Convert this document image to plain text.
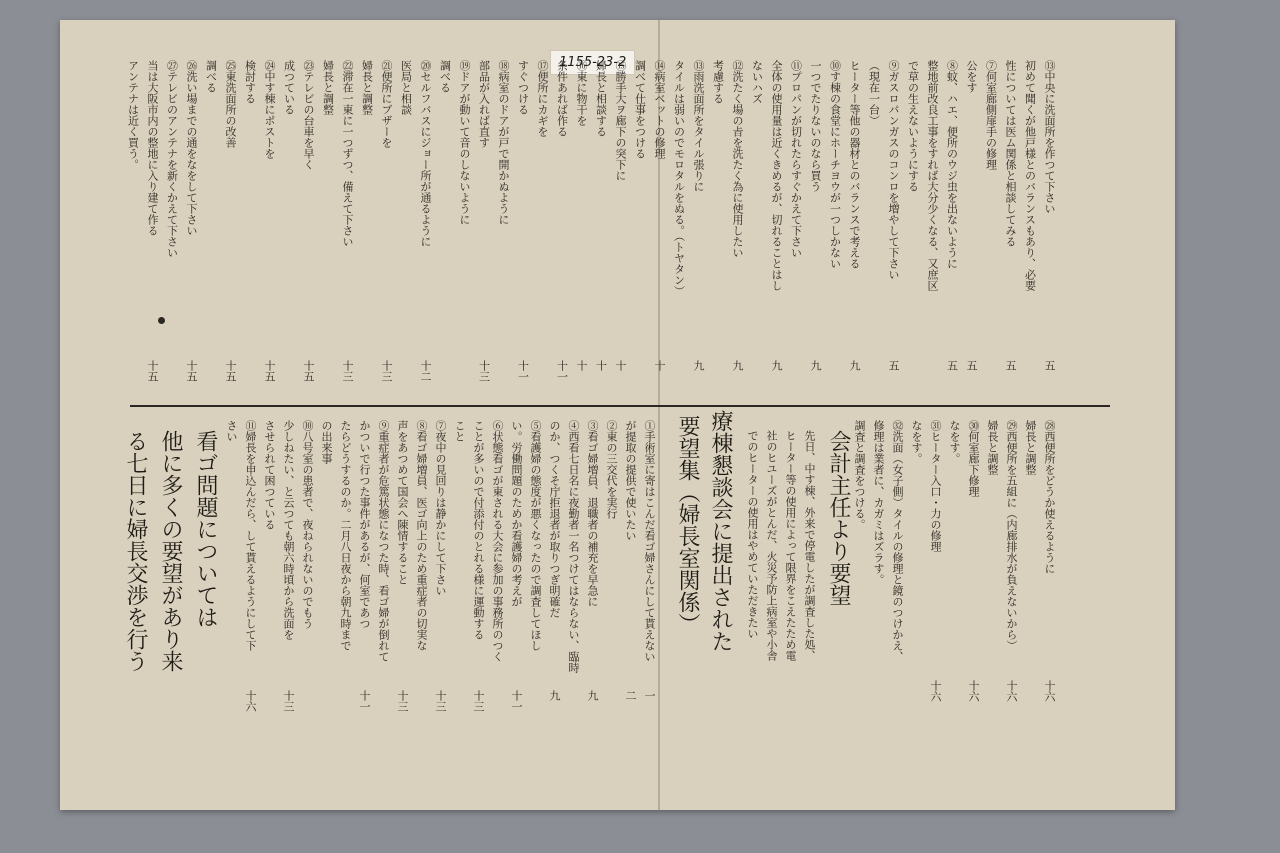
1155-23-2	⑬中央に洗面所を作つて下さい
五
初めて聞くが他戸様とのバランスもあり、必要
性については医ム関係と相談してみる
五
⑦何室廊側扉手の修理
公をす
五
⑧蚊、ハエ、便所のウジ虫を出ないように
五
整地前改良工事をすれば大分少くなる、又庶区
で草の生えないようにする
⑨ガスロパンガスのコンロを増やして下さい
五
（現在一台）
ヒーター等他の器材とのバランスで考える
九
⑩す棟の食堂にホーチヨウが一つしかない
一つでたりないのなら買う
九
⑪プロパンが切れたらすぐかえて下さい
全体の使用量は近くきめるが、切れることはし
九
ないハズ
⑫洗たく場の㫖を洗たく為に使用したい
九
考慮する
⑬雨洗面所をタイル張りに
九
タイルは弱いのでモロタルをぬる。（トヤタン）
⑭病室ベットの修理
十
調べて仕事をつける
⑮勝手大ヲ廊下の突下に
十
婦長と相談する
十
⑯東に物干を
十
条件あれば作る
十一
⑰便所にカギを
すぐつける
十一
⑱病室のドアが戸で開かぬように
部品が入れば直す
十三
⑲ドアが動いて音のしないように
調べる
⑳セルフバスにジョー所が通るように
十二
医局と相談
㉑便所にブザーを
十三
婦長と調整
㉒滞在一東に一つずつ、備えて下さい
十三
婦長と調整
㉓テレビの台車を早く
十五
成つている
㉔中す棟にポストを
十五
検討する
㉕東洗面所の改善
十五
調べる
㉖洗い場までの通をなをして下さい
十五
㉗テレビのアンテナを新くかえて下さい
当は大阪市内の整地に入り建て作る
十五
アンテナは近く買う。
会計主任より要望
療棟懇談会に提出された
要望集（婦長室関係）	㉘西便所をどうか使えるように
十六
婦長と調整
㉙西便所を五組に（内廊排水が負えないから）
十六
婦長と調整
㉚何室廊下修理
十六
なをす。
㉛ヒーター入口・力の修理
十六
なをす。
㉜洗面（女子側）タイルの修理と鏡のつけかえ、
修理は業者に、カガミはズラす。
調査と調査をつける。
先日、中す棟、外来で停電したが調査した処、
ヒーター等の使用によって限界をこえたため電
社のヒユーズがとんだ、火災予防上病室や小舎
でのヒーターの使用はやめていただきたい
①手術室に寄はこんだ看ゴ婦さんにして貰えない
一
が提取の提供で使いたい
二
②東の三交代を実行
③看ゴ婦増員、退職者の補充を早急に
九
④西看七日名に夜勤者一名つけてはならない、臨時
のか、つくそ庁拒退者が取りつぎ明確だ
九
⑤看護婦の態度が悪くなったので調査してほし
い。労働問題のためか看護婦の考えが
十一
⑥状態看ゴが東される大会に参加の事務所のつく
ことが多いので付添付のとれる様に運動する
十三
こと
⑦夜中の見回りは静かにして下さい
十三
⑧看ゴ婦増員、医ゴ向上のため重症者の切実な
声をあつめて国会へ陳情すること
十三
⑨重症者が危篤状態になつた時、看ゴ婦が倒れて
かついで行つた事件があるが、何室であつ
十一
たらどうするのか。二月八日夜から朝九時まで
の出来事
⑩八号室の患者で、夜ねられないのでもう
少しねたい、と云つても朝六時頃から洗面を
十三
させられて困つている
⑪婦長を申込んだら、して貰えるようにして下
十六
さい
看ゴ問題については
他に多くの要望があり来
る七日に婦長交渉を行う
